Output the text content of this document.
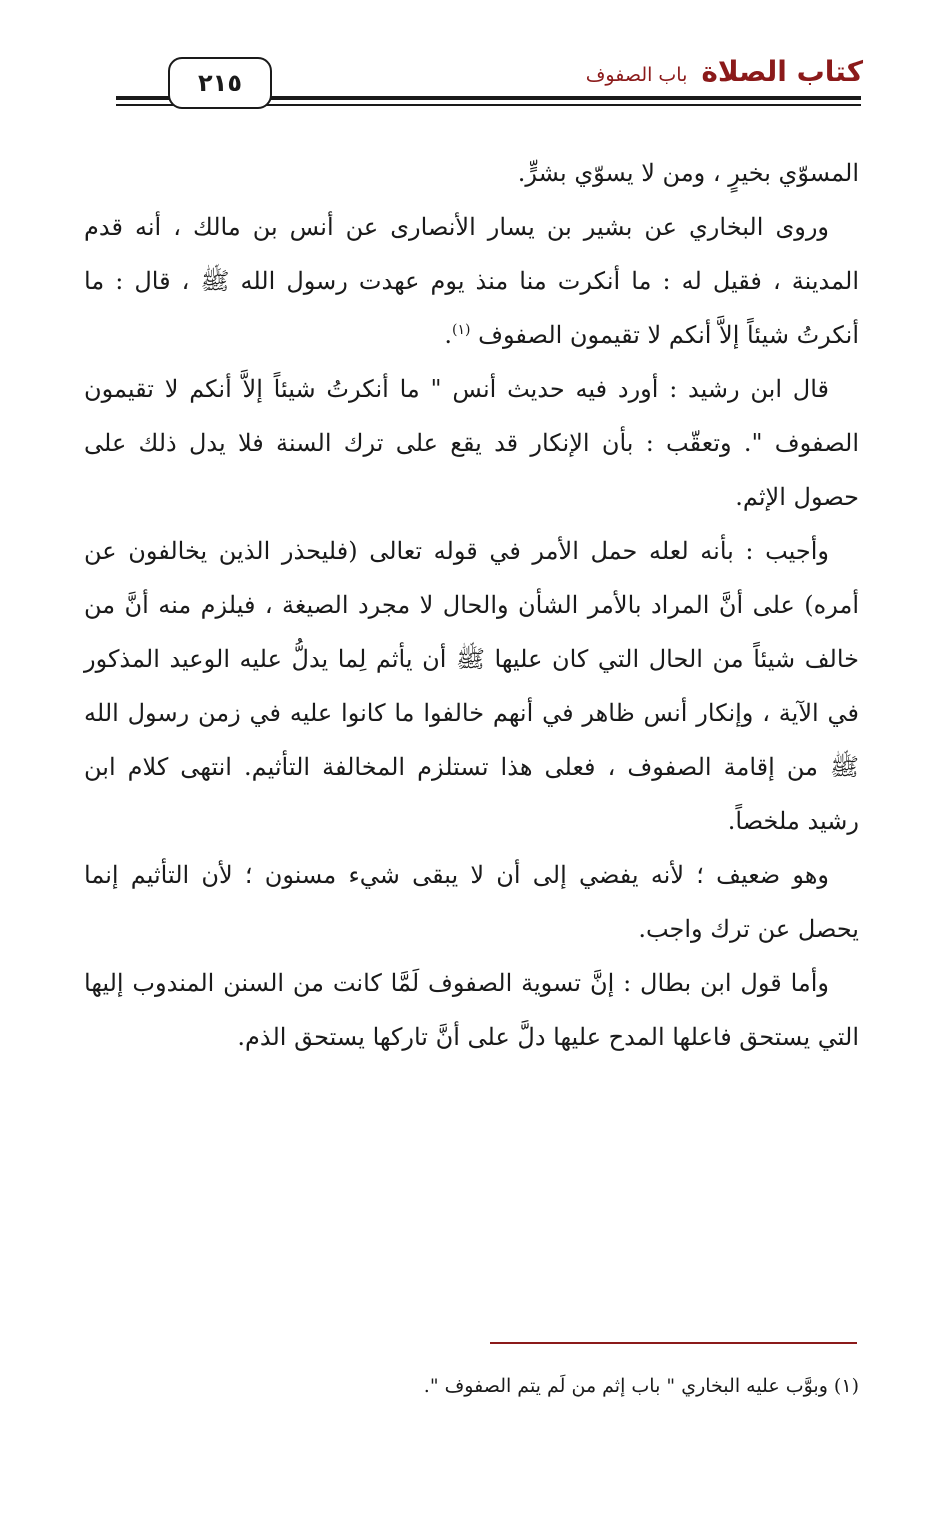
كتاب الصلاة
باب الصفوف
٢١٥

المسوّي بخيرٍ ، ومن لا يسوّي بشرٍّ.

وروى البخاري عن بشير بن يسار الأنصارى عن أنس بن مالك ، أنه قدم المدينة ، فقيل له : ما أنكرت منا منذ يوم عهدت رسول الله ﷺ ، قال : ما أنكرتُ شيئاً إلاَّ أنكم لا تقيمون الصفوف $^{(١)}$.

قال ابن رشيد : أورد فيه حديث أنس " ما أنكرتُ شيئاً إلاَّ أنكم لا تقيمون الصفوف ". وتعقّب : بأن الإنكار قد يقع على ترك السنة فلا يدل ذلك على حصول الإثم.

وأجيب : بأنه لعله حمل الأمر في قوله تعالى (فليحذر الذين يخالفون عن أمره) على أنَّ المراد بالأمر الشأن والحال لا مجرد الصيغة ، فيلزم منه أنَّ من خالف شيئاً من الحال التي كان عليها ﷺ أن يأثم لِما يدلُّ عليه الوعيد المذكور في الآية ، وإنكار أنس ظاهر في أنهم خالفوا ما كانوا عليه في زمن رسول الله ﷺ من إقامة الصفوف ، فعلى هذا تستلزم المخالفة التأثيم. انتهى كلام ابن رشيد ملخصاً.

وهو ضعيف ؛ لأنه يفضي إلى أن لا يبقى شيء مسنون ؛ لأن التأثيم إنما يحصل عن ترك واجب.

وأما قول ابن بطال : إنَّ تسوية الصفوف لَمَّا كانت من السنن المندوب إليها التي يستحق فاعلها المدح عليها دلَّ على أنَّ تاركها يستحق الذم.

(١) وبوَّب عليه البخاري " باب إثم من لَم يتم الصفوف ".
